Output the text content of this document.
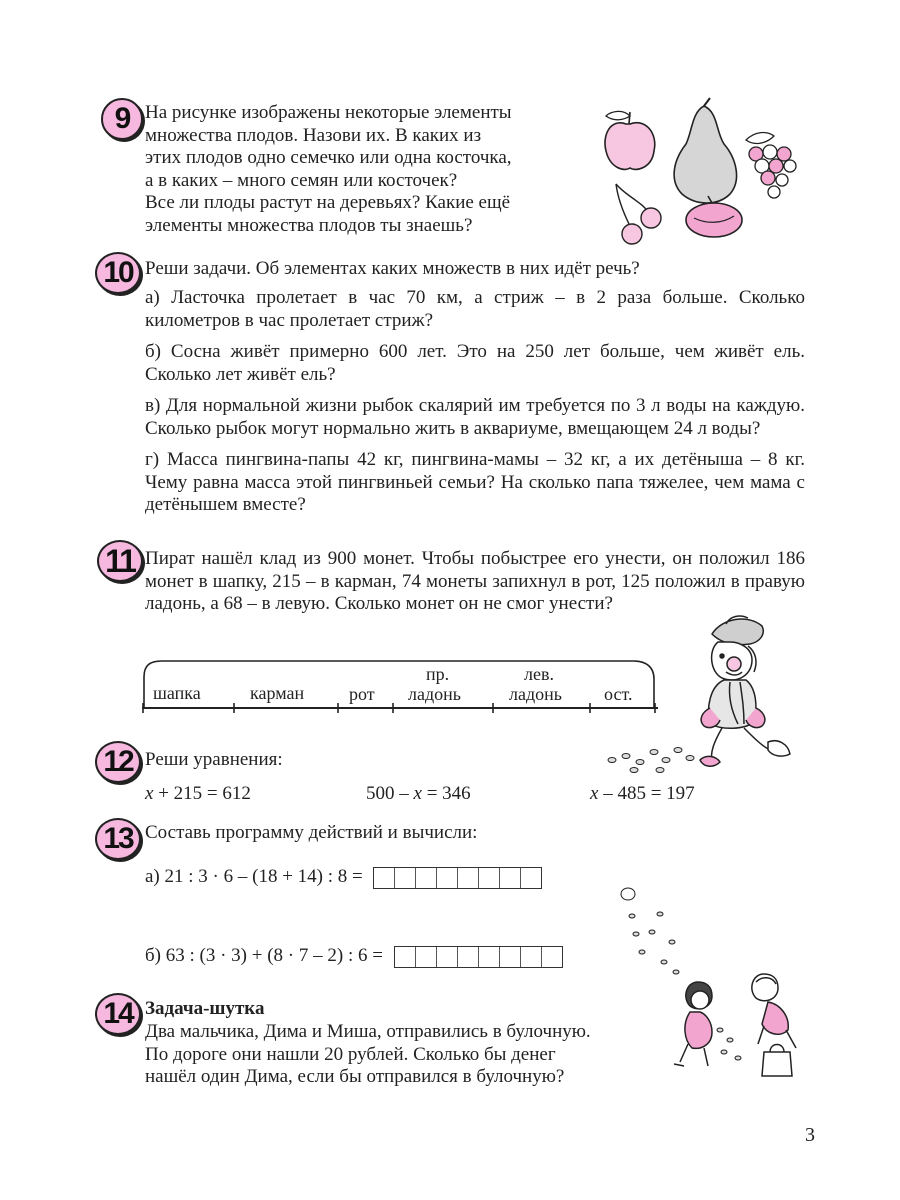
9 На рисунке изображены некоторые элементы
множества плодов. Назови их. В каких из
этих плодов одно семечко или одна косточка,
а в каких – много семян или косточек?
Все ли плоды растут на деревьях? Какие ещё
элементы множества плодов ты знаешь?
10 Реши задачи. Об элементах каких множеств в них идёт речь?

а) Ласточка пролетает в час 70 км, а стриж – в 2 раза больше. Сколько километров в час пролетает стриж?

б) Сосна живёт примерно 600 лет. Это на 250 лет больше, чем живёт ель. Сколько лет живёт ель?

в) Для нормальной жизни рыбок скалярий им требуется по 3 л воды на каждую. Сколько рыбок могут нормально жить в аквариуме, вмещающем 24 л воды?

г) Масса пингвина-папы 42 кг, пингвина-мамы – 32 кг, а их детёныша – 8 кг. Чему равна масса этой пингвиньей семьи? На сколько папа тяжелее, чем мама с детёнышем вместе?

11 Пират нашёл клад из 900 монет. Чтобы побыстрее его унести, он положил 186 монет в шапку, 215 – в карман, 74 монеты запихнул в рот, 125 положил в правую ладонь, а 68 – в левую. Сколько монет он не смог унести?
шапка	карман рот
пр.
ладонь
лев.
ладонь ост.
12 Реши уравнения:
x + 215 = 612	500 – x = 346	x – 485 = 197
13 Составь программу действий и вычисли:
а) 21 : 3 · 6 – (18 + 14) : 8 =
б) 63 : (3 · 3) + (8 · 7 – 2) : 6 =
14 Задача-шутка
Два мальчика, Дима и Миша, отправились в булочную.
По дороге они нашли 20 рублей. Сколько бы денег
нашёл один Дима, если бы отправился в булочную?
3
